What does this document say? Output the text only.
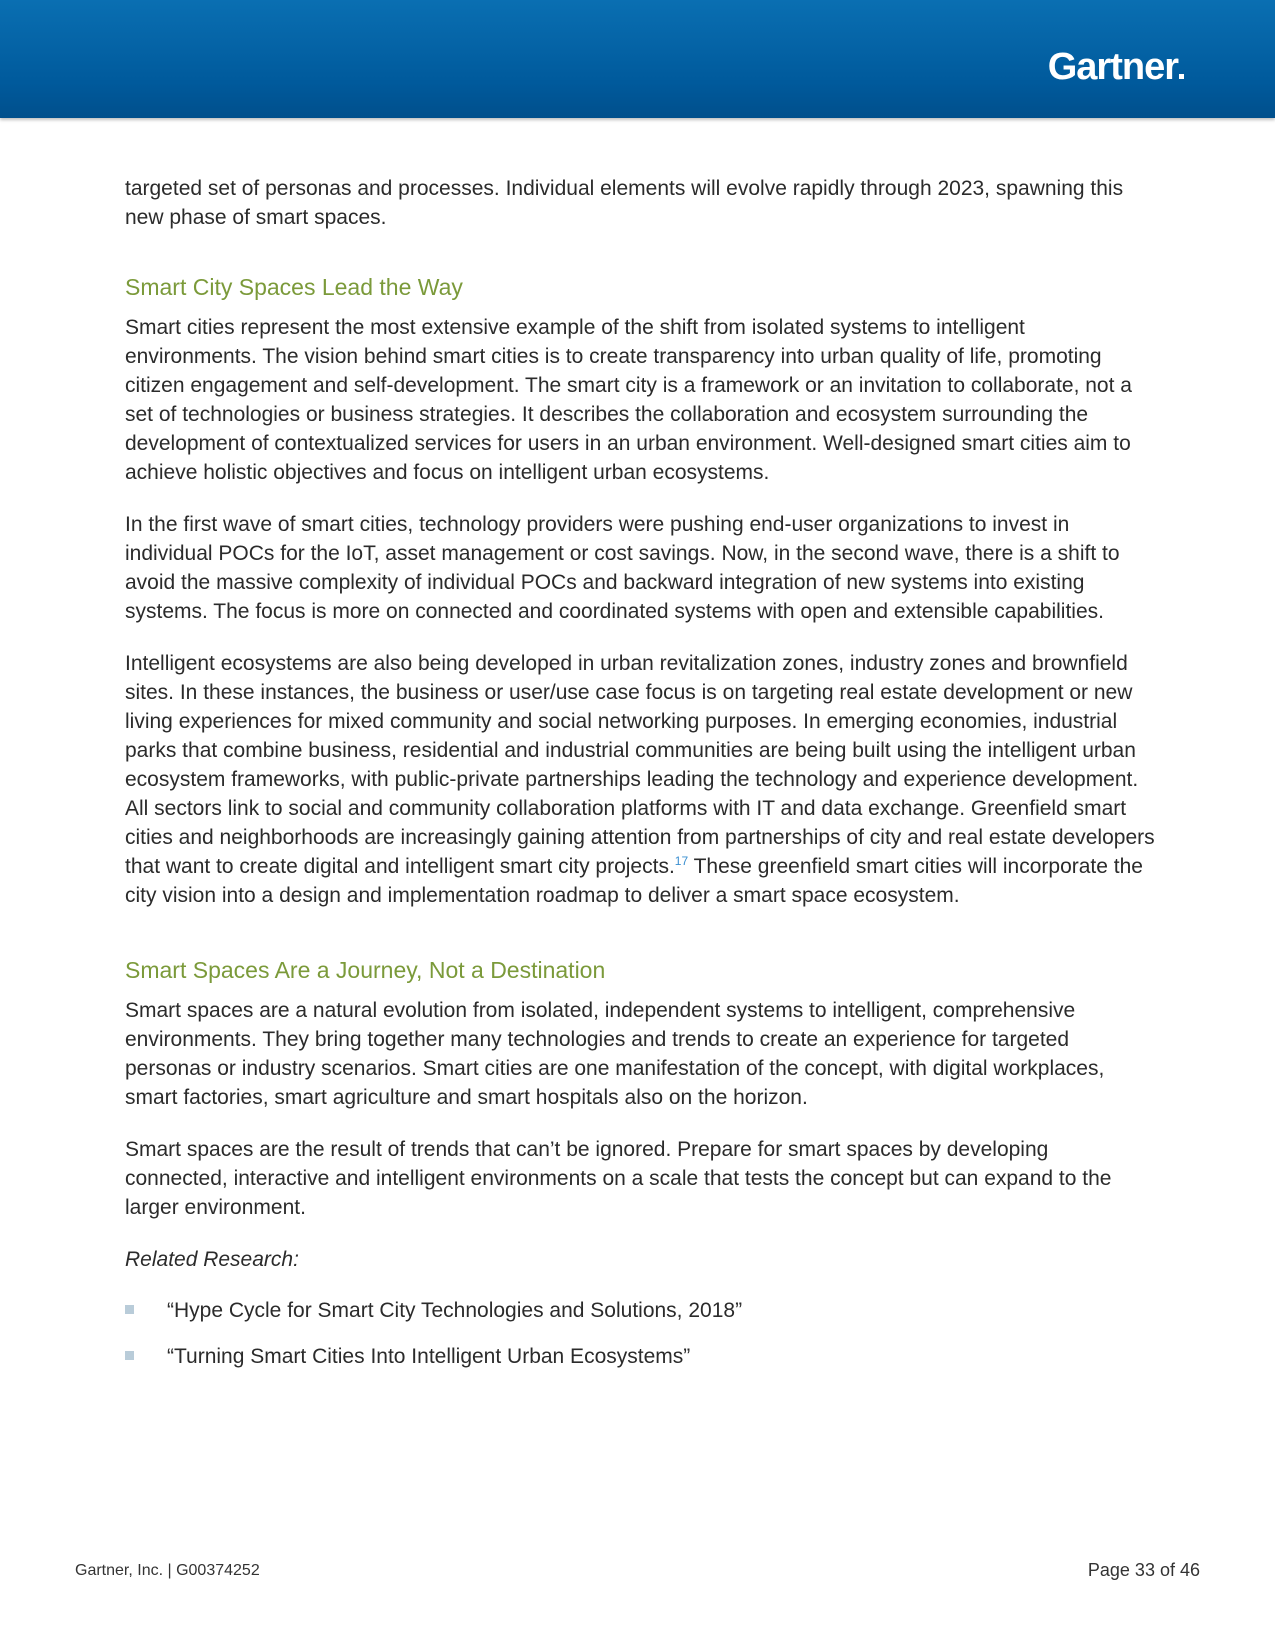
Gartner

targeted set of personas and processes. Individual elements will evolve rapidly through 2023, spawning this new phase of smart spaces.

Smart City Spaces Lead the Way

Smart cities represent the most extensive example of the shift from isolated systems to intelligent environments. The vision behind smart cities is to create transparency into urban quality of life, promoting citizen engagement and self-development. The smart city is a framework or an invitation to collaborate, not a set of technologies or business strategies. It describes the collaboration and ecosystem surrounding the development of contextualized services for users in an urban environment. Well-designed smart cities aim to achieve holistic objectives and focus on intelligent urban ecosystems.

In the first wave of smart cities, technology providers were pushing end-user organizations to invest in individual POCs for the IoT, asset management or cost savings. Now, in the second wave, there is a shift to avoid the massive complexity of individual POCs and backward integration of new systems into existing systems. The focus is more on connected and coordinated systems with open and extensible capabilities.

Intelligent ecosystems are also being developed in urban revitalization zones, industry zones and brownfield sites. In these instances, the business or user/use case focus is on targeting real estate development or new living experiences for mixed community and social networking purposes. In emerging economies, industrial parks that combine business, residential and industrial communities are being built using the intelligent urban ecosystem frameworks, with public-private partnerships leading the technology and experience development. All sectors link to social and community collaboration platforms with IT and data exchange. Greenfield smart cities and neighborhoods are increasingly gaining attention from partnerships of city and real estate developers that want to create digital and intelligent smart city projects.$^{17}$ These greenfield smart cities will incorporate the city vision into a design and implementation roadmap to deliver a smart space ecosystem.

Smart Spaces Are a Journey, Not a Destination

Smart spaces are a natural evolution from isolated, independent systems to intelligent, comprehensive environments. They bring together many technologies and trends to create an experience for targeted personas or industry scenarios. Smart cities are one manifestation of the concept, with digital workplaces, smart factories, smart agriculture and smart hospitals also on the horizon.

Smart spaces are the result of trends that can’t be ignored. Prepare for smart spaces by developing connected, interactive and intelligent environments on a scale that tests the concept but can expand to the larger environment.

Related Research:

“Hype Cycle for Smart City Technologies and Solutions, 2018”
“Turning Smart Cities Into Intelligent Urban Ecosystems”
Gartner, Inc. | G00374252	Page 33 of 46
